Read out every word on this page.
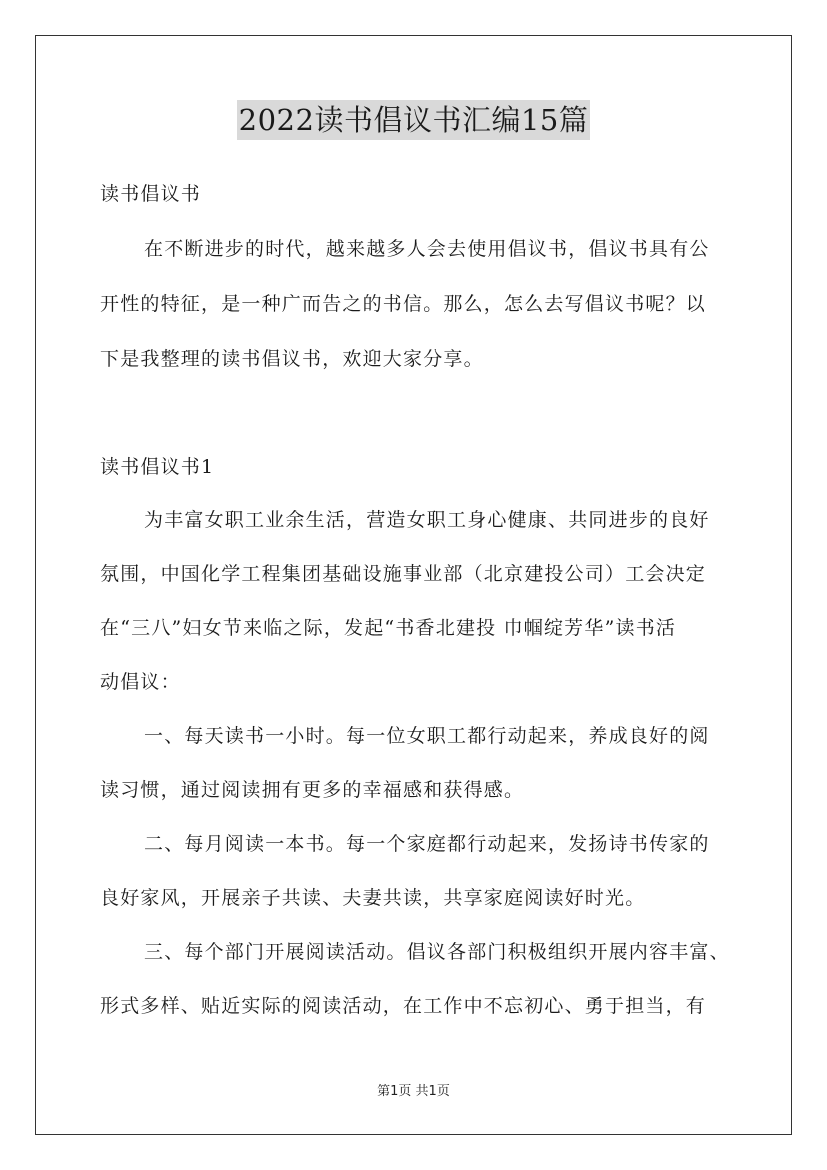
2022读书倡议书汇编15篇
读书倡议书
在不断进步的时代，越来越多人会去使用倡议书，倡议书具有公
开性的特征，是一种广而告之的书信。那么，怎么去写倡议书呢？以
下是我整理的读书倡议书，欢迎大家分享。
读书倡议书1
为丰富女职工业余生活，营造女职工身心健康、共同进步的良好
氛围，中国化学工程集团基础设施事业部（北京建投公司）工会决定
在“三八”妇女节来临之际，发起“书香北建投 巾帼绽芳华”读书活
动倡议：
一、每天读书一小时。每一位女职工都行动起来，养成良好的阅
读习惯，通过阅读拥有更多的幸福感和获得感。
二、每月阅读一本书。每一个家庭都行动起来，发扬诗书传家的
良好家风，开展亲子共读、夫妻共读，共享家庭阅读好时光。
三、每个部门开展阅读活动。倡议各部门积极组织开展内容丰富、
形式多样、贴近实际的阅读活动，在工作中不忘初心、勇于担当，有
第1页 共1页
